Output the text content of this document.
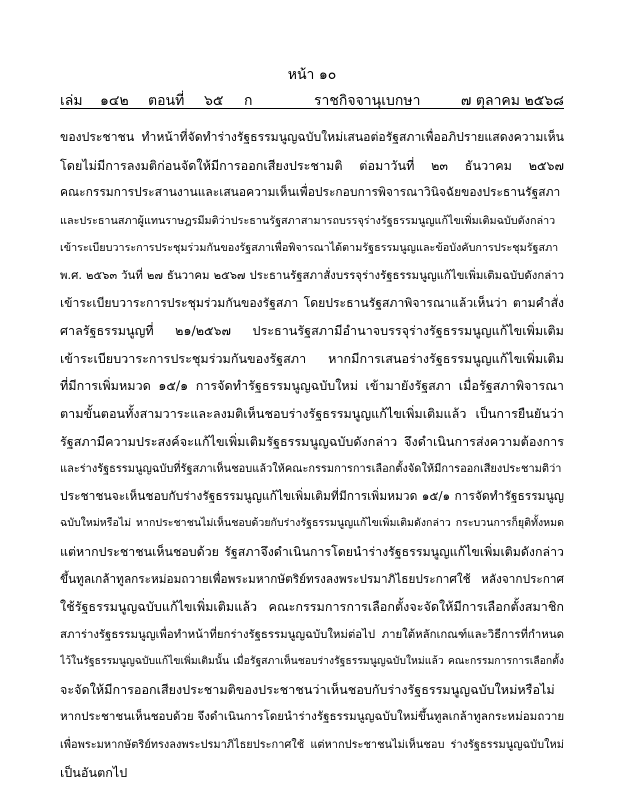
หน้า ๑๐
เล่ม ๑๔๒ ตอนที่ ๖๕ ก	ราชกิจจานุเบกษา	๗ ตุลาคม ๒๕๖๘
ของประชาชน ทำหน้าที่จัดทำร่างรัฐธรรมนูญฉบับใหม่เสนอต่อรัฐสภาเพื่ออภิปรายแสดงความเห็น
โดยไม่มีการลงมติก่อนจัดให้มีการออกเสียงประชามติ ต่อมาวันที่ ๒๓ ธันวาคม ๒๕๖๗
คณะกรรมการประสานงานและเสนอความเห็นเพื่อประกอบการพิจารณาวินิจฉัยของประธานรัฐสภา
และประธานสภาผู้แทนราษฎรมีมติว่าประธานรัฐสภาสามารถบรรจุร่างรัฐธรรมนูญแก้ไขเพิ่มเติมฉบับดังกล่าว
เข้าระเบียบวาระการประชุมร่วมกันของรัฐสภาเพื่อพิจารณาได้ตามรัฐธรรมนูญและข้อบังคับการประชุมรัฐสภา
พ.ศ. ๒๕๖๓ วันที่ ๒๗ ธันวาคม ๒๕๖๗ ประธานรัฐสภาสั่งบรรจุร่างรัฐธรรมนูญแก้ไขเพิ่มเติมฉบับดังกล่าว
เข้าระเบียบวาระการประชุมร่วมกันของรัฐสภา โดยประธานรัฐสภาพิจารณาแล้วเห็นว่า ตามคำสั่ง
ศาลรัฐธรรมนูญที่ ๒๑/๒๕๖๗ ประธานรัฐสภามีอำนาจบรรจุร่างรัฐธรรมนูญแก้ไขเพิ่มเติม
เข้าระเบียบวาระการประชุมร่วมกันของรัฐสภา หากมีการเสนอร่างรัฐธรรมนูญแก้ไขเพิ่มเติม
ที่มีการเพิ่มหมวด ๑๕/๑ การจัดทำรัฐธรรมนูญฉบับใหม่ เข้ามายังรัฐสภา เมื่อรัฐสภาพิจารณา
ตามขั้นตอนทั้งสามวาระและลงมติเห็นชอบร่างรัฐธรรมนูญแก้ไขเพิ่มเติมแล้ว เป็นการยืนยันว่า
รัฐสภามีความประสงค์จะแก้ไขเพิ่มเติมรัฐธรรมนูญฉบับดังกล่าว จึงดำเนินการส่งความต้องการ
และร่างรัฐธรรมนูญฉบับที่รัฐสภาเห็นชอบแล้วให้คณะกรรมการการเลือกตั้งจัดให้มีการออกเสียงประชามติว่า
ประชาชนจะเห็นชอบกับร่างรัฐธรรมนูญแก้ไขเพิ่มเติมที่มีการเพิ่มหมวด ๑๕/๑ การจัดทำรัฐธรรมนูญ
ฉบับใหม่หรือไม่ หากประชาชนไม่เห็นชอบด้วยกับร่างรัฐธรรมนูญแก้ไขเพิ่มเติมดังกล่าว กระบวนการก็ยุติทั้งหมด
แต่หากประชาชนเห็นชอบด้วย รัฐสภาจึงดำเนินการโดยนำร่างรัฐธรรมนูญแก้ไขเพิ่มเติมดังกล่าว
ขึ้นทูลเกล้าทูลกระหม่อมถวายเพื่อพระมหากษัตริย์ทรงลงพระปรมาภิไธยประกาศใช้ หลังจากประกาศ
ใช้รัฐธรรมนูญฉบับแก้ไขเพิ่มเติมแล้ว คณะกรรมการการเลือกตั้งจะจัดให้มีการเลือกตั้งสมาชิก
สภาร่างรัฐธรรมนูญเพื่อทำหน้าที่ยกร่างรัฐธรรมนูญฉบับใหม่ต่อไป ภายใต้หลักเกณฑ์และวิธีการที่กำหนด
ไว้ในรัฐธรรมนูญฉบับแก้ไขเพิ่มเติมนั้น เมื่อรัฐสภาเห็นชอบร่างรัฐธรรมนูญฉบับใหม่แล้ว คณะกรรมการการเลือกตั้ง
จะจัดให้มีการออกเสียงประชามติของประชาชนว่าเห็นชอบกับร่างรัฐธรรมนูญฉบับใหม่หรือไม่
หากประชาชนเห็นชอบด้วย จึงดำเนินการโดยนำร่างรัฐธรรมนูญฉบับใหม่ขึ้นทูลเกล้าทูลกระหม่อมถวาย
เพื่อพระมหากษัตริย์ทรงลงพระปรมาภิไธยประกาศใช้ แต่หากประชาชนไม่เห็นชอบ ร่างรัฐธรรมนูญฉบับใหม่
เป็นอันตกไป
